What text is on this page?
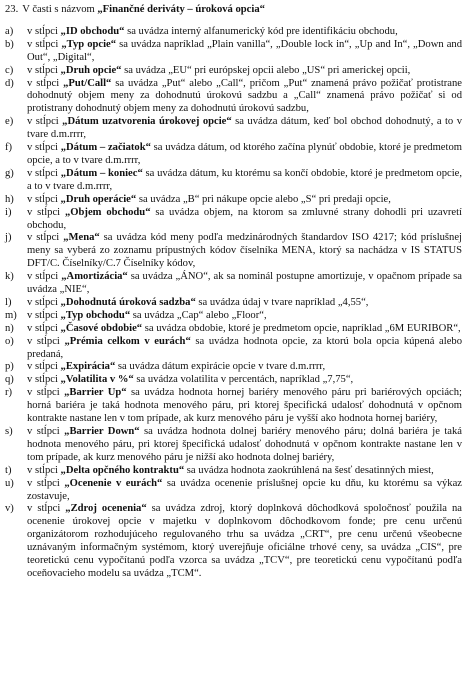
23. V časti s názvom „Finančné deriváty – úroková opcia“

a)	v stĺpci „ID obchodu“ sa uvádza interný alfanumerický kód pre identifikáciu obchodu,
b)	v stĺpci „Typ opcie“ sa uvádza napríklad „Plain vanilla“, „Double lock in“, „Up and In“, „Down and Out“, „Digital“,
c)	v stĺpci „Druh opcie“ sa uvádza „EU“ pri európskej opcii alebo „US“ pri americkej opcii,
d)	v stĺpci „Put/Call“ sa uvádza „Put“ alebo „Call“, pričom „Put“ znamená právo požičať protistrane dohodnutý objem meny za dohodnutú úrokovú sadzbu a „Call“ znamená právo požičať si od protistrany dohodnutý objem meny za dohodnutú úrokovú sadzbu,
e)	v stĺpci „Dátum uzatvorenia úrokovej opcie“ sa uvádza dátum, keď bol obchod dohodnutý, a to v tvare d.m.rrrr,
f)	v stĺpci „Dátum – začiatok“ sa uvádza dátum, od ktorého začína plynúť obdobie, ktoré je predmetom opcie, a to v tvare d.m.rrrr,
g)	v stĺpci „Dátum – koniec“ sa uvádza dátum, ku ktorému sa končí obdobie, ktoré je predmetom opcie, a to v tvare d.m.rrrr,
h)	v stĺpci „Druh operácie“ sa uvádza „B“ pri nákupe opcie alebo „S“ pri predaji opcie,
i)	v stĺpci „Objem obchodu“ sa uvádza objem, na ktorom sa zmluvné strany dohodli pri uzavretí obchodu,
j)	v stĺpci „Mena“ sa uvádza kód meny podľa medzinárodných štandardov ISO 4217; kód príslušnej meny sa vyberá zo zoznamu prípustných kódov číselníka MENA, ktorý sa nachádza v IS STATUS DFT/C. Číselníky/C.7 Číselníky kódov,
k)	v stĺpci „Amortizácia“ sa uvádza „ÁNO“, ak sa nominál postupne amortizuje, v opačnom prípade sa uvádza „NIE“,
l)	v stĺpci „Dohodnutá úroková sadzba“ sa uvádza údaj v tvare napríklad „4,55“,
m) v stĺpci „Typ obchodu“ sa uvádza „Cap“ alebo „Floor“,
n)	v stĺpci „Časové obdobie“ sa uvádza obdobie, ktoré je predmetom opcie, napríklad „6M EURIBOR“,
o)	v stĺpci „Prémia celkom v eurách“ sa uvádza hodnota opcie, za ktorú bola opcia kúpená alebo predaná,
p)	v stĺpci „Expirácia“ sa uvádza dátum expirácie opcie v tvare d.m.rrrr,
q)	v stĺpci „Volatilita v %“ sa uvádza volatilita v percentách, napríklad „7,75“,
r)	v stĺpci „Barrier Up“ sa uvádza hodnota hornej bariéry menového páru pri bariérových opciách; horná bariéra je taká hodnota menového páru, pri ktorej špecifická udalosť dohodnutá v opčnom kontrakte nastane len v tom prípade, ak kurz menového páru je vyšší ako hodnota hornej bariéry,
s)	v stĺpci „Barrier Down“ sa uvádza hodnota dolnej bariéry menového páru; dolná bariéra je taká hodnota menového páru, pri ktorej špecifická udalosť dohodnutá v opčnom kontrakte nastane len v tom prípade, ak kurz menového páru je nižší ako hodnota dolnej bariéry,
t)	v stĺpci „Delta opčného kontraktu“ sa uvádza hodnota zaokrúhlená na šesť desatinných miest,
u)	v stĺpci „Ocenenie v eurách“ sa uvádza ocenenie príslušnej opcie ku dňu, ku ktorému sa výkaz zostavuje,
v)	v stĺpci „Zdroj ocenenia“ sa uvádza zdroj, ktorý doplnková dôchodková spoločnosť použila na ocenenie úrokovej opcie v majetku v doplnkovom dôchodkovom fonde; pre cenu určenú organizátorom rozhodujúceho regulovaného trhu sa uvádza „CRT“, pre cenu určenú všeobecne uznávaným informačným systémom, ktorý uverejňuje oficiálne trhové ceny, sa uvádza „CIS“, pre teoretickú cenu vypočítanú podľa vzorca sa uvádza „TCV“, pre teoretickú cenu vypočítanú podľa oceňovacieho modelu sa uvádza „TCM“.
